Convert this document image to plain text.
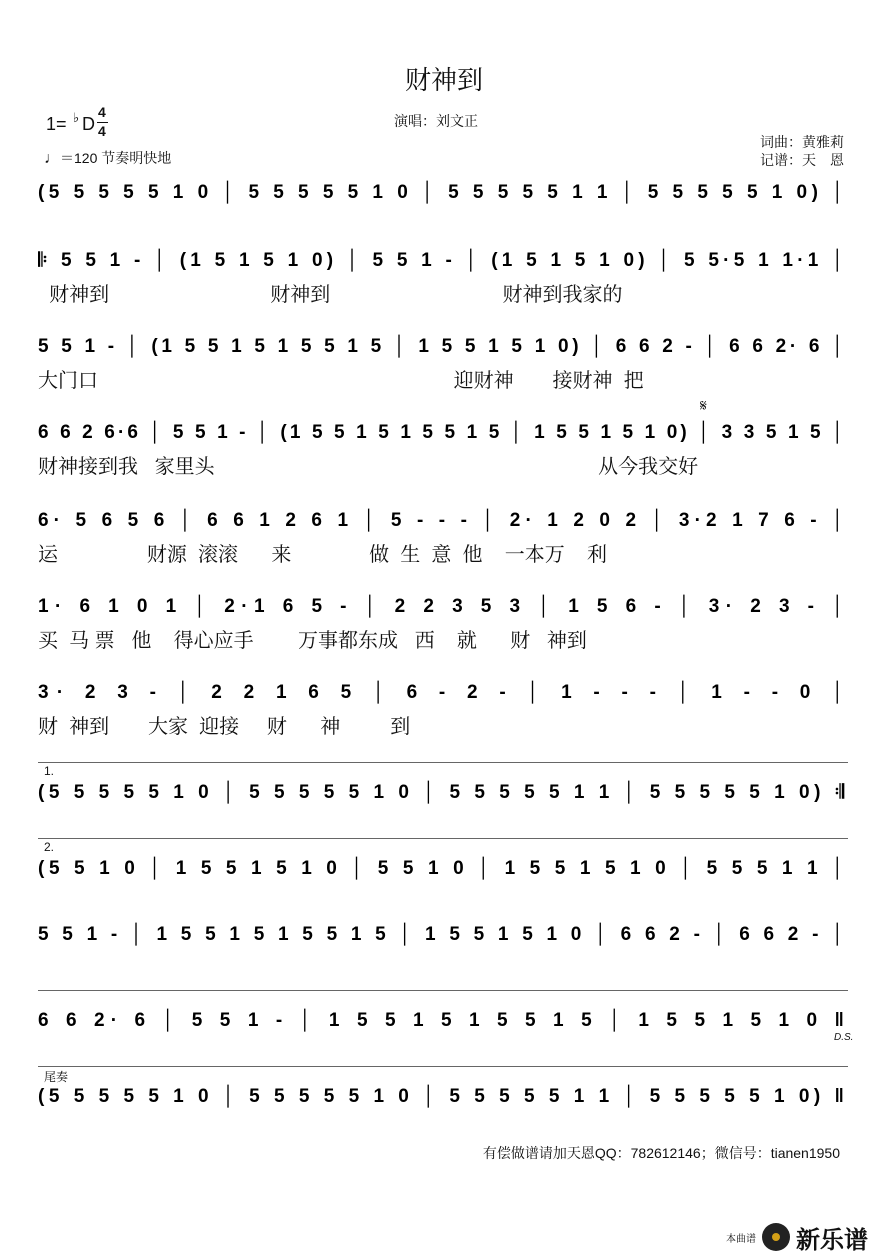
财神到
1= ♭ D
4
4
♩＝120 节奏明快地
演唱：刘文正
词曲：黄雅莉
记谱：天　恩
1.
2.
尾奏
D.S.
𝄋
(5 5 5 5 5 1 0 │ 5 5 5 5 5 1 0 │ 5 5 5 5 5 1 1 │ 5 5 5 5 5 1 0) │
𝄆 5 5 1 - │ (1 5 1 5 1 0) │ 5 5 1 - │ (1 5 1 5 1 0) │ 5 5·5 1 1·1 │
财神到                             财神到                               财神到我家的
5 5 1 - │ (1 5 5 1 5 1 5 5 1 5 │ 1 5 5 1 5 1 0) │ 6 6 2 - │ 6 6 2· 6 │
大门口                                                                迎财神       接财神  把
6 6 2 6·6 │ 5 5 1 - │ (1 5 5 1 5 1 5 5 1 5 │ 1 5 5 1 5 1 0) │ 3 3 5 1 5 │
财神接到我   家里头                                                                     从今我交好
6· 5 6 5 6 │ 6 6 1 2 6 1 │ 5 - - - │ 2· 1 2 0 2 │ 3·2 1 7 6 - │
运                财源  滚滚      来              做  生  意  他    一本万    利
1· 6 1 0 1 │ 2·1 6 5 - │ 2 2 3 5 3 │ 1 5 6 - │ 3· 2 3 - │
买  马 票   他    得心应手        万事都东成   西    就      财   神到
3· 2 3 - │ 2 2 1 6 5 │ 6 - 2 - │ 1 - - - │ 1 - - 0 │
财  神到       大家  迎接     财      神         到
(5 5 5 5 5 1 0 │ 5 5 5 5 5 1 0 │ 5 5 5 5 5 1 1 │ 5 5 5 5 5 1 0) 𝄇
(5 5 1 0 │ 1 5 5 1 5 1 0 │ 5 5 1 0 │ 1 5 5 1 5 1 0 │ 5 5 5 1 1 │
5 5 1 - │ 1 5 5 1 5 1 5 5 1 5 │ 1 5 5 1 5 1 0 │ 6 6 2 - │ 6 6 2 - │
6 6 2· 6 │ 5 5 1 - │ 1 5 5 1 5 1 5 5 1 5 │ 1 5 5 1 5 1 0 ‖
(5 5 5 5 5 1 0 │ 5 5 5 5 5 1 0 │ 5 5 5 5 5 1 1 │ 5 5 5 5 5 1 0) ‖
有偿做谱请加天恩QQ：782612146；微信号：tianen1950
本曲谱 新乐谱
